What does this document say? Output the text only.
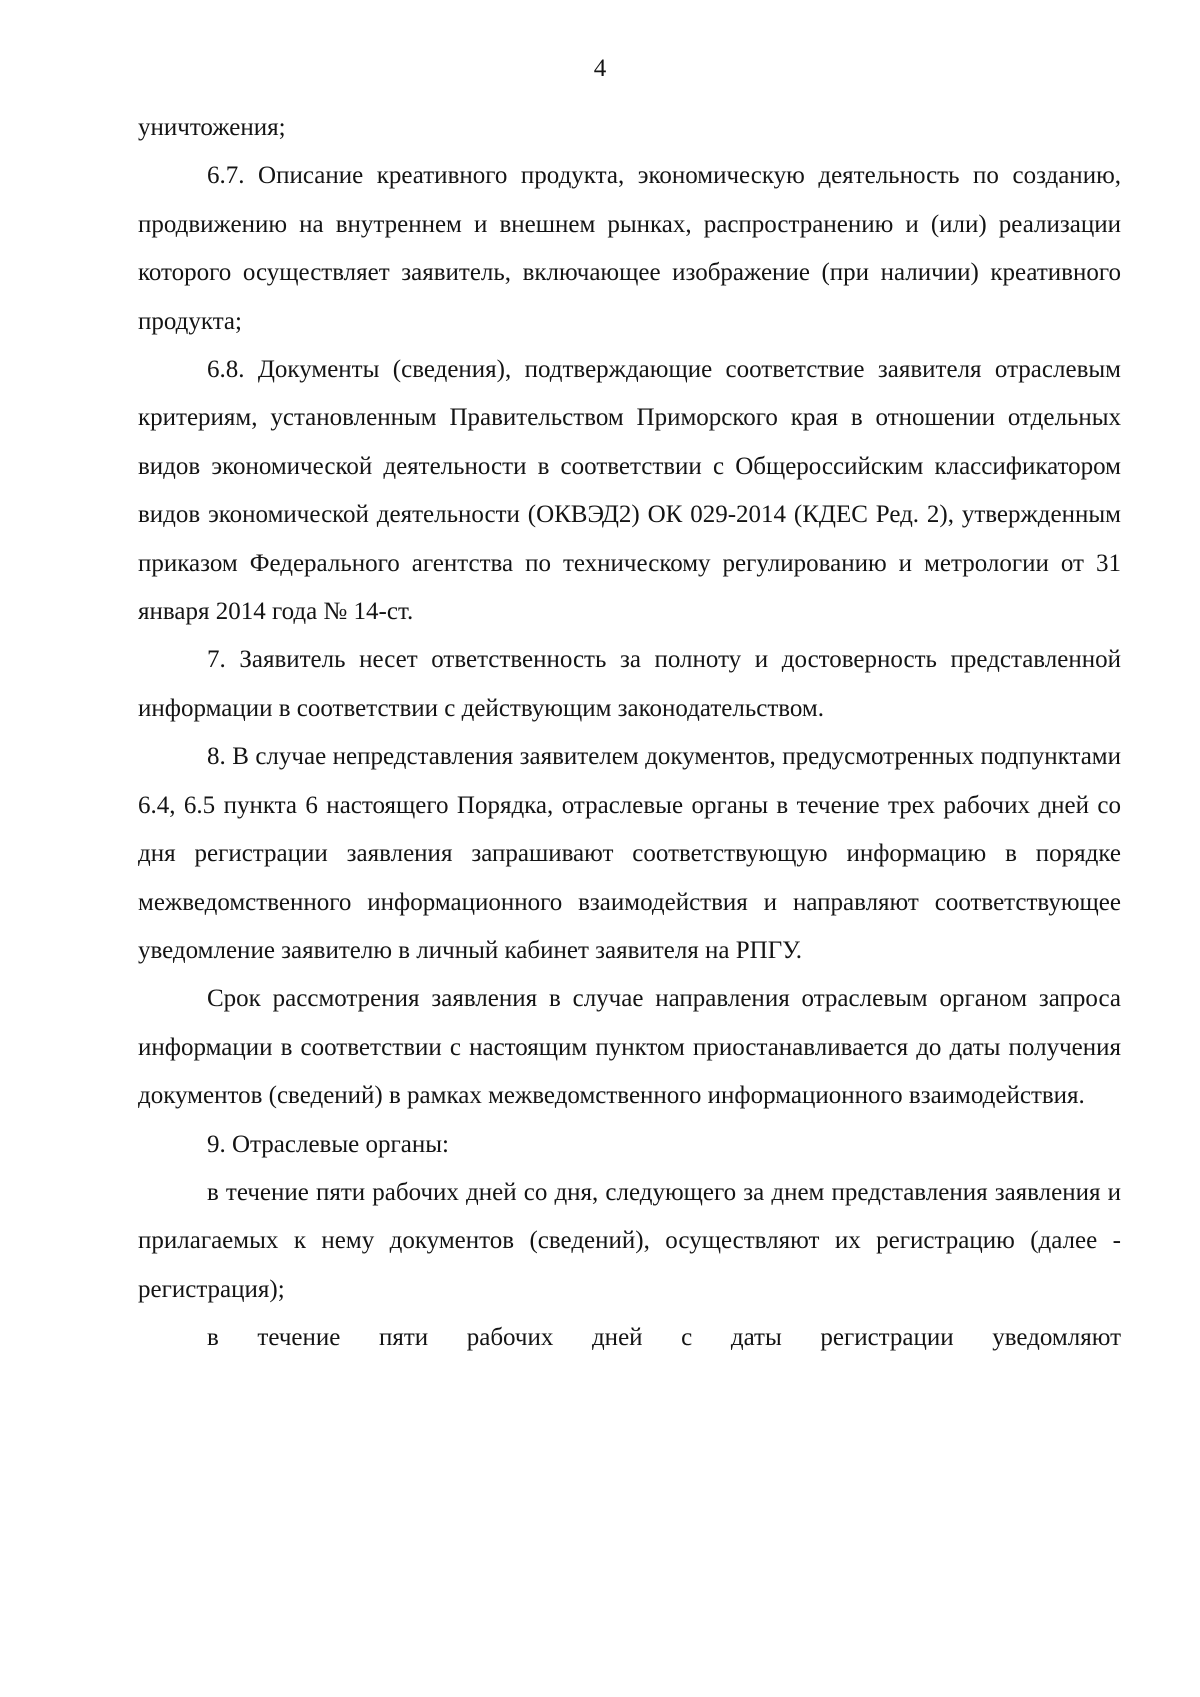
4

уничтожения;

6.7. Описание креативного продукта, экономическую деятельность по созданию, продвижению на внутреннем и внешнем рынках, распространению и (или) реализации которого осуществляет заявитель, включающее изображение (при наличии) креативного продукта;

6.8. Документы (сведения), подтверждающие соответствие заявителя отраслевым критериям, установленным Правительством Приморского края в отношении отдельных видов экономической деятельности в соответствии с Общероссийским классификатором видов экономической деятельности (ОКВЭД2) ОК 029-2014 (КДЕС Ред. 2), утвержденным приказом Федерального агентства по техническому регулированию и метрологии от 31 января 2014 года № 14-ст.

7. Заявитель несет ответственность за полноту и достоверность представленной информации в соответствии с действующим законодательством.

8. В случае непредставления заявителем документов, предусмотренных подпунктами 6.4, 6.5 пункта 6 настоящего Порядка, отраслевые органы в течение трех рабочих дней со дня регистрации заявления запрашивают соответствующую информацию в порядке межведомственного информационного взаимодействия и направляют соответствующее уведомление заявителю в личный кабинет заявителя на РПГУ.

Срок рассмотрения заявления в случае направления отраслевым органом запроса информации в соответствии с настоящим пунктом приостанавливается до даты получения документов (сведений) в рамках межведомственного информационного взаимодействия.

9. Отраслевые органы:

в течение пяти рабочих дней со дня, следующего за днем представления заявления и прилагаемых к нему документов (сведений), осуществляют их регистрацию (далее - регистрация);

в течение пяти рабочих дней с даты регистрации уведомляют
